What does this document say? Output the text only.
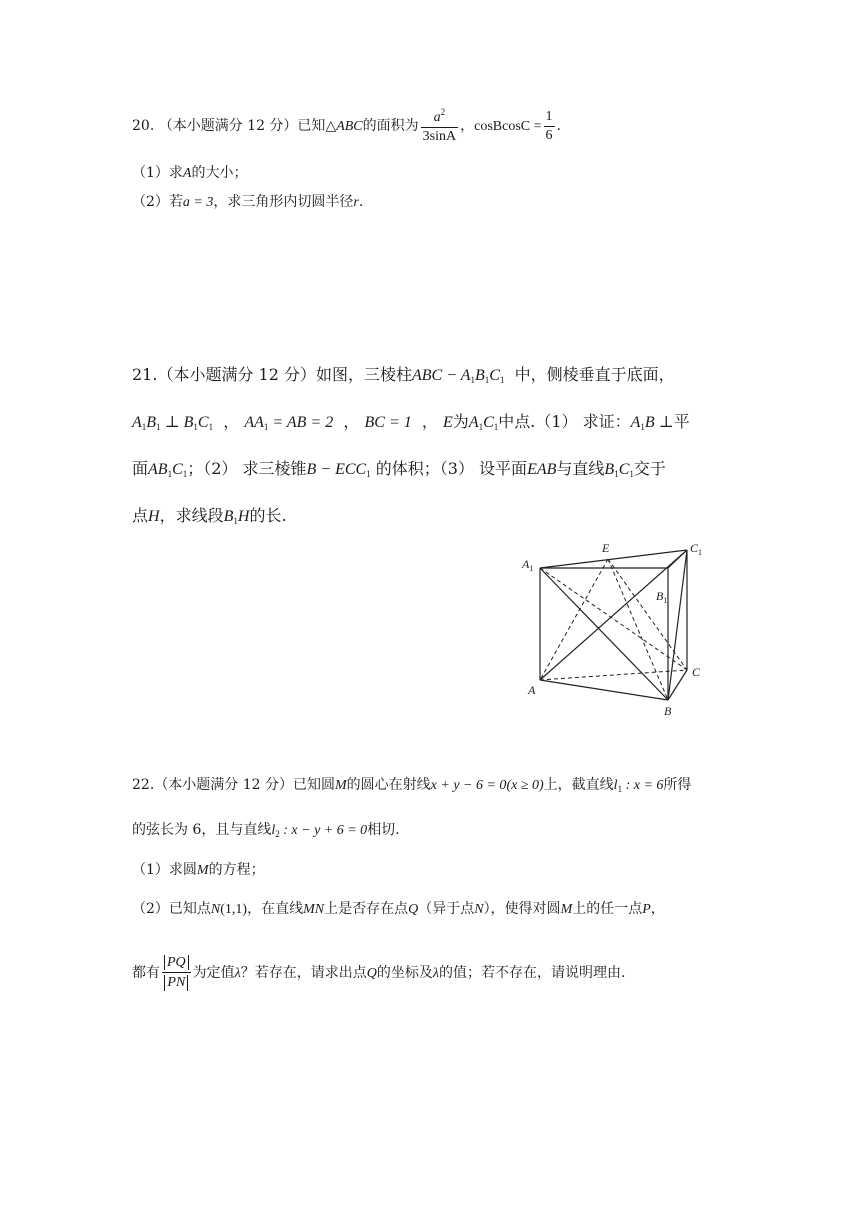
20. （本小题满分 12 分）已知△ABC的面积为 $\frac{a^2}{3\sin A}$ ，cosBcosC = $\frac{1}{6}$ .
（1）求A的大小；
（2）若a = 3，求三角形内切圆半径r.
21.（本小题满分 12 分）如图，三棱柱ABC − $A_1B_1C_1$ 中，侧棱垂直于底面，
$A_1B_1$ ⊥ $B_1C_1$  ， $AA_1$ = AB = 2  ， BC = 1  ， E为$A_1C_1$中点.（1） 求证：$A_1B$ ⊥平
面$AB_1C_1$；（2） 求三棱锥$B - ECC_1$ 的体积；（3） 设平面EAB与直线$B_1C_1$交于
点H，求线段$B_1H$的长.
$A_1$
E	$C_1$
$B_1$
A
B
C
22.（本小题满分 12 分）已知圆M的圆心在射线x + y − 6 = 0(x ≥ 0)上，截直线$l_1$ : x = 6所得
的弦长为 6，且与直线$l_2$ : x − y + 6 = 0相切.
（1）求圆M的方程；
（2）已知点N(1,1)，在直线MN上是否存在点Q（异于点N），使得对圆M上的任一点P，
都有 $\frac{PQ}{PN}$ 为定值λ？若存在，请求出点Q的坐标及λ的值；若不存在，请说明理由.
